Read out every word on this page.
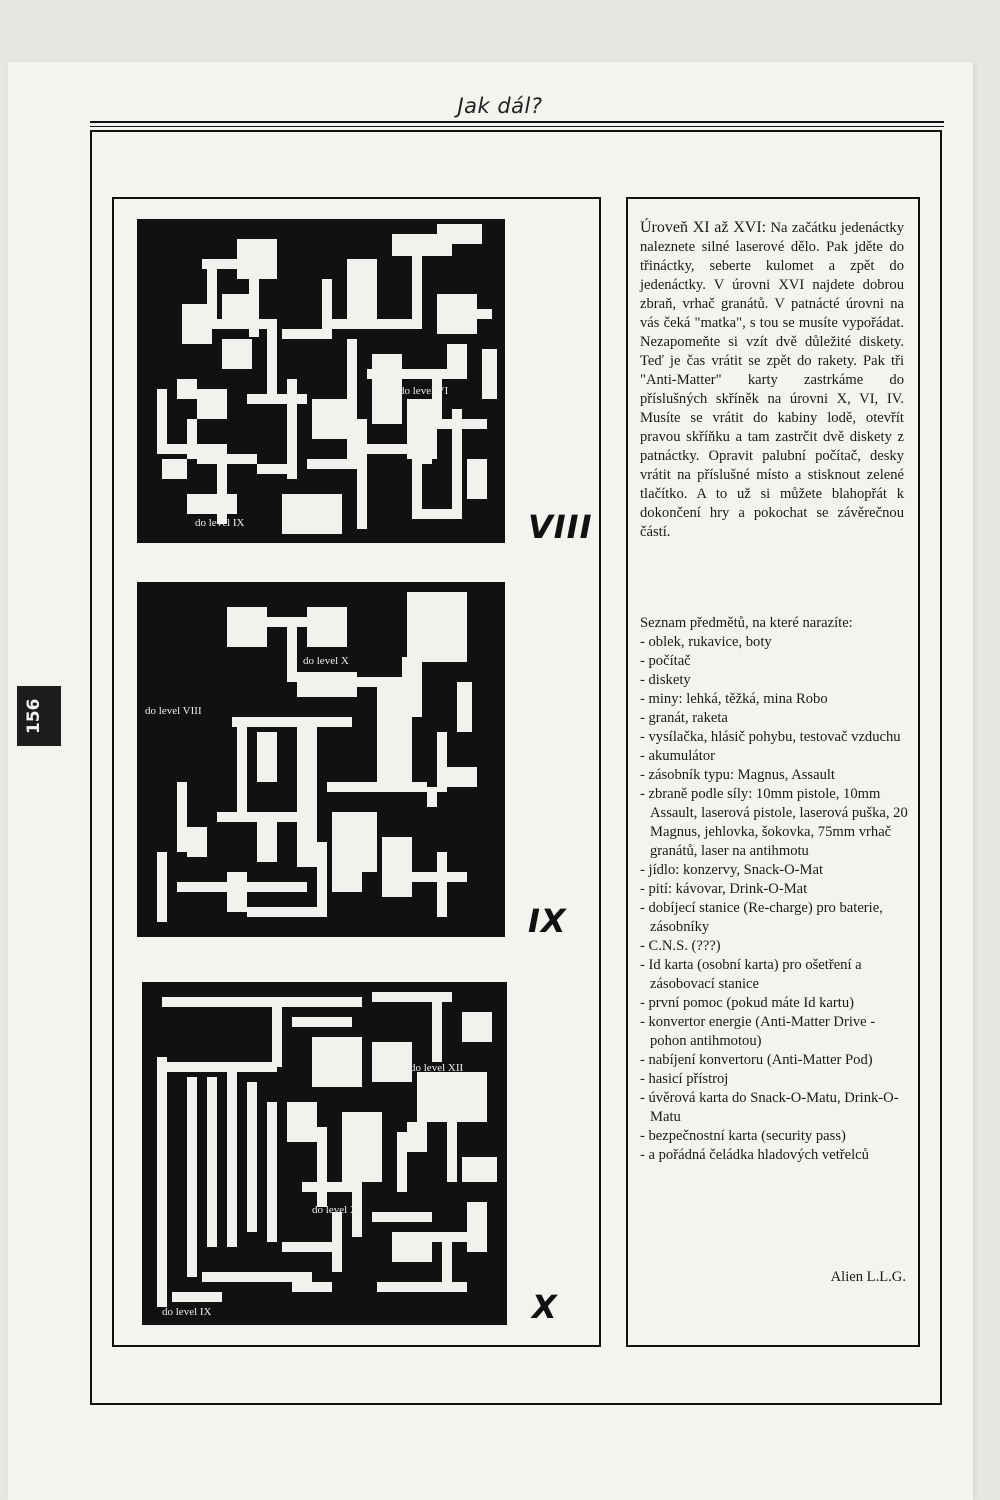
Jak dál?
156
do level VI
do level IX	VIII
do level X
do level VIII
IX
do level XII
do level XI
do level IX	X
Úroveň XI až XVI: Na začátku jedenáctky naleznete silné laserové dělo. Pak jděte do třináctky, seberte kulomet a zpět do jedenáctky. V úrovni XVI najdete dobrou zbraň, vrhač granátů. V patnácté úrovni na vás čeká "matka", s tou se musíte vypořádat. Nezapomeňte si vzít dvě důležité diskety. Teď je čas vrátit se zpět do rakety. Pak tři "Anti-Matter" karty zastrkáme do příslušných skříněk na úrovni X, VI, IV. Musíte se vrátit do kabiny lodě, otevřít pravou skříňku a tam zastrčit dvě diskety z patnáctky. Opravit palubní počítač, desky vrátit na příslušné místo a stisknout zelené tlačítko. A to už si můžete blahopřát k dokončení hry a pokochat se závěrečnou částí.
Seznam předmětů, na které narazíte:
- oblek, rukavice, boty
- počítač
- diskety
- miny: lehká, těžká, mina Robo
- granát, raketa
- vysílačka, hlásič pohybu, testovač vzduchu
- akumulátor
- zásobník typu: Magnus, Assault
- zbraně podle síly: 10mm pistole, 10mm Assault, laserová pistole, laserová puška, 20 Magnus, jehlovka, šokovka, 75mm vrhač granátů, laser na antihmotu
- jídlo: konzervy, Snack-O-Mat
- pití: kávovar, Drink-O-Mat
- dobíjecí stanice (Re-charge) pro baterie, zásobníky
- C.N.S. (???)
- Id karta (osobní karta) pro ošetření a zásobovací stanice
- první pomoc (pokud máte Id kartu)
- konvertor energie (Anti-Matter Drive - pohon antihmotou)
- nabíjení konvertoru (Anti-Matter Pod)
- hasicí přístroj
- úvěrová karta do Snack-O-Matu, Drink-O-Matu
- bezpečnostní karta (security pass)
- a pořádná čeládka hladových vetřelců
Alien L.L.G.
